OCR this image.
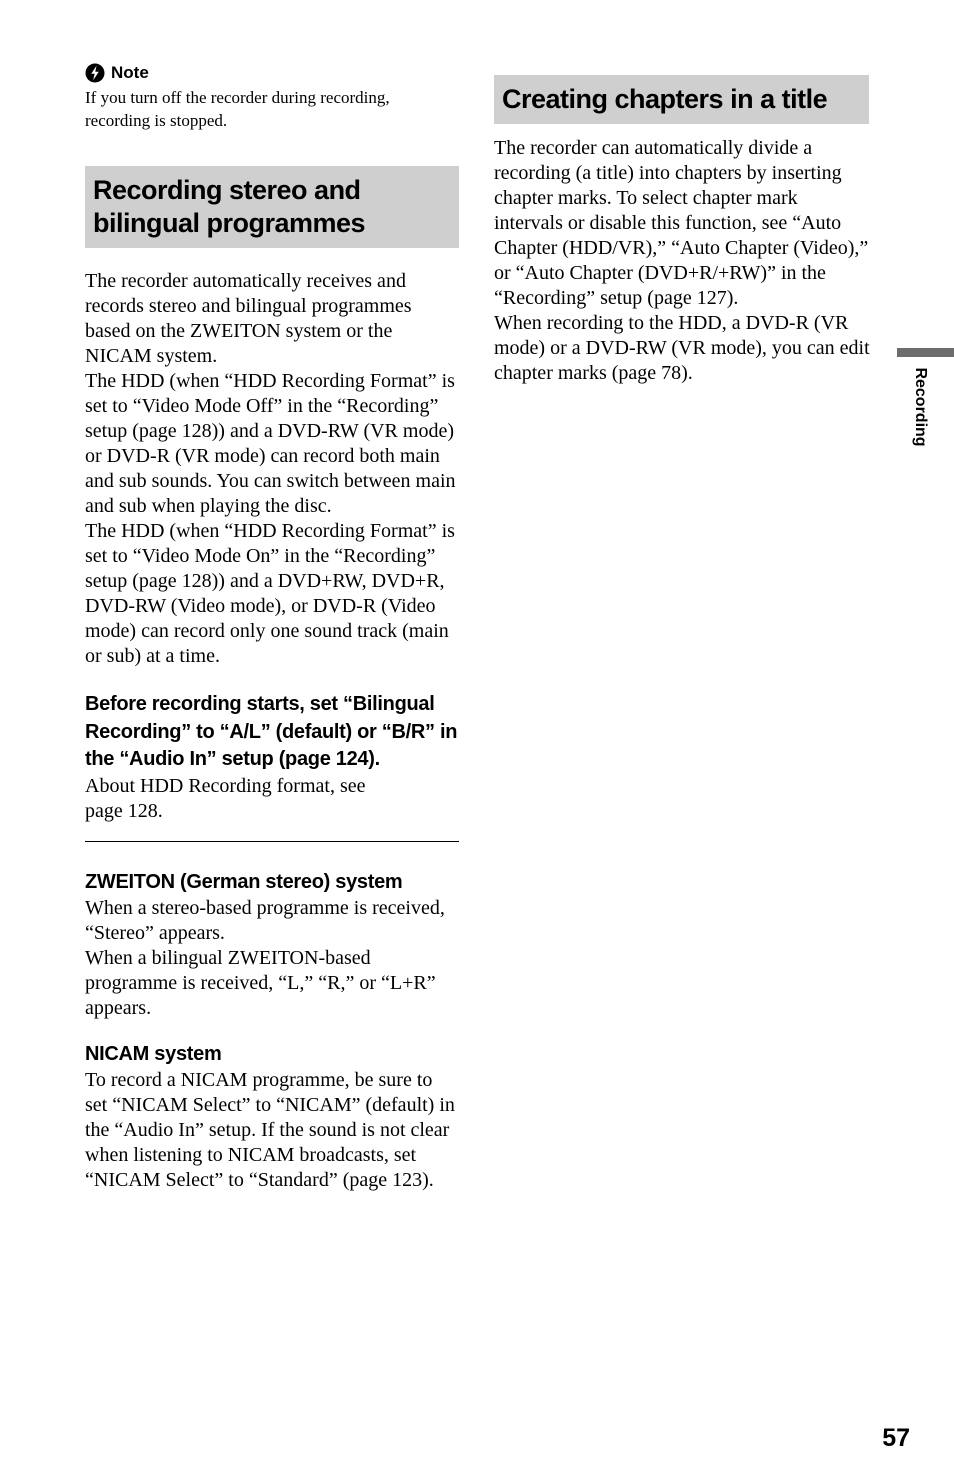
Note

If you turn off the recorder during recording, recording is stopped.

Recording stereo and bilingual programmes

The recorder automatically receives and records stereo and bilingual programmes based on the ZWEITON system or the NICAM system.

The HDD (when “HDD Recording Format” is set to “Video Mode Off” in the “Recording” setup (page 128)) and a DVD-RW (VR mode) or DVD-R (VR mode) can record both main and sub sounds. You can switch between main and sub when playing the disc.

The HDD (when “HDD Recording Format” is set to “Video Mode On” in the “Recording” setup (page 128)) and a DVD+RW, DVD+R, DVD-RW (Video mode), or DVD-R (Video mode) can record only one sound track (main or sub) at a time.

Before recording starts, set “Bilingual Recording” to “A/L” (default) or “B/R” in the “Audio In” setup (page 124).

About HDD Recording format, see page 128.

ZWEITON (German stereo) system

When a stereo-based programme is received, “Stereo” appears.

When a bilingual ZWEITON-based programme is received, “L,” “R,” or “L+R” appears.

NICAM system

To record a NICAM programme, be sure to set “NICAM Select” to “NICAM” (default) in the “Audio In” setup. If the sound is not clear when listening to NICAM broadcasts, set “NICAM Select” to “Standard” (page 123).

Creating chapters in a title

The recorder can automatically divide a recording (a title) into chapters by inserting chapter marks. To select chapter mark intervals or disable this function, see “Auto Chapter (HDD/VR),” “Auto Chapter (Video),” or “Auto Chapter (DVD+R/+RW)” in the “Recording” setup (page 127).

When recording to the HDD, a DVD-R (VR mode) or a DVD-RW (VR mode), you can edit chapter marks (page 78).	Recording
57
